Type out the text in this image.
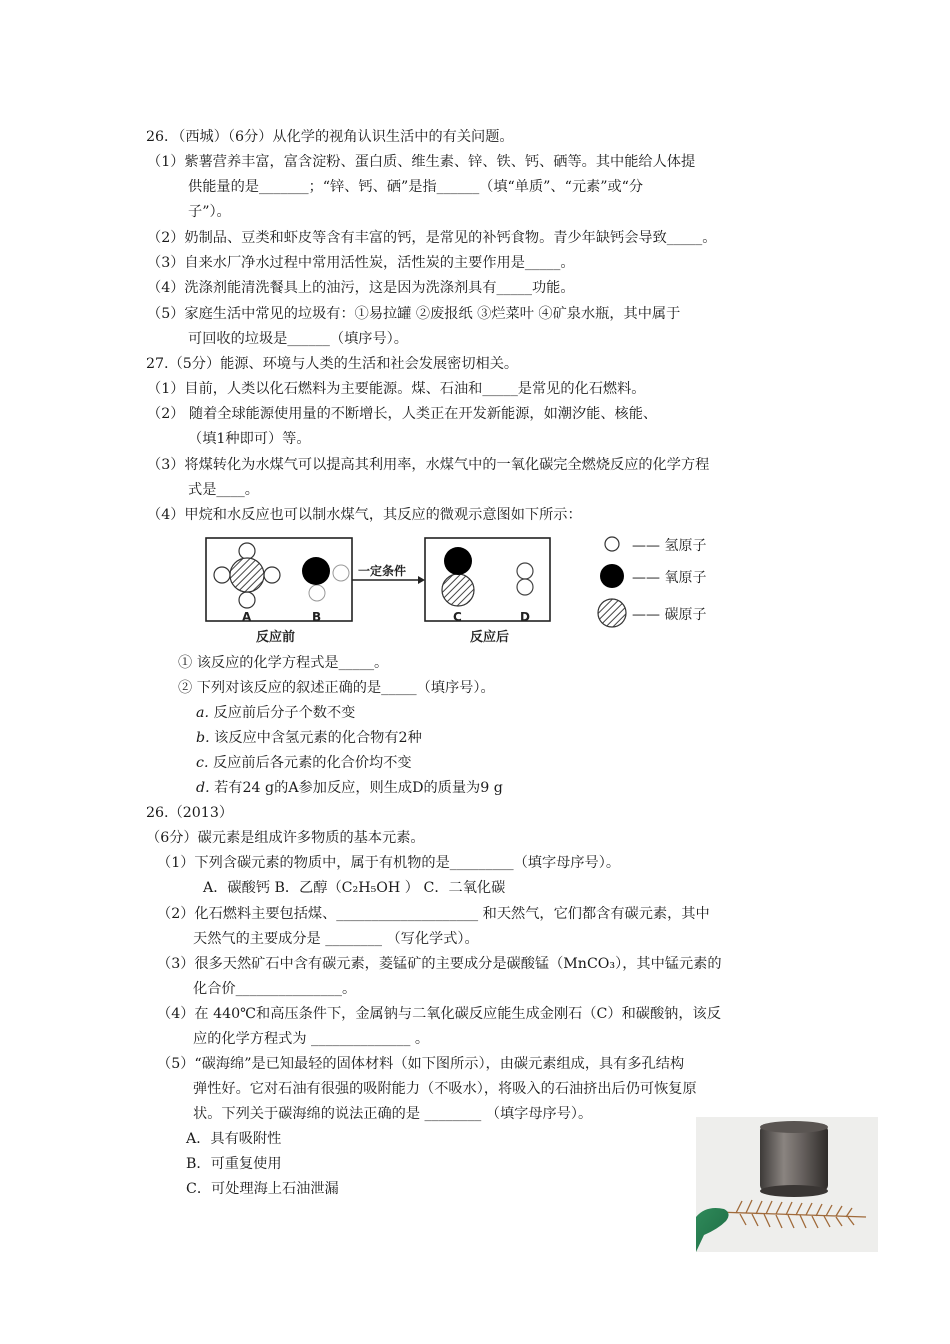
26．（西城）（6分）从化学的视角认识生活中的有关问题。
（1）紫薯营养丰富，富含淀粉、蛋白质、维生素、锌、铁、钙、硒等。其中能给人体提
供能量的是_______；“锌、钙、硒”是指______（填“单质”、“元素”或“分
子”）。
（2）奶制品、豆类和虾皮等含有丰富的钙，是常见的补钙食物。青少年缺钙会导致_____。
（3）自来水厂净水过程中常用活性炭，活性炭的主要作用是_____。
（4）洗涤剂能清洗餐具上的油污，这是因为洗涤剂具有_____功能。
（5）家庭生活中常见的垃圾有：①易拉罐 ②废报纸 ③烂菜叶 ④矿泉水瓶，其中属于
可回收的垃圾是______（填序号）。
27.（5分）能源、环境与人类的生活和社会发展密切相关。
（1）目前，人类以化石燃料为主要能源。煤、石油和_____是常见的化石燃料。
（2） 随着全球能源使用量的不断增长，人类正在开发新能源，如潮汐能、核能、
（填1种即可）等。
（3）将煤转化为水煤气可以提高其利用率，水煤气中的一氧化碳完全燃烧反应的化学方程
式是____。
（4）甲烷和水反应也可以制水煤气，其反应的微观示意图如下所示：
A	B	C	D
一定条件
反应前	反应后
—— 氢原子
—— 氧原子
—— 碳原子
① 该反应的化学方程式是_____。
② 下列对该反应的叙述正确的是_____（填序号）。
a. 反应前后分子个数不变
b. 该反应中含氢元素的化合物有2种
c. 反应前后各元素的化合价均不变
d. 若有24 g的A参加反应，则生成D的质量为9 g
26.（2013）
（6分）碳元素是组成许多物质的基本元素。
（1）下列含碳元素的物质中，属于有机物的是_________（填字母序号）。
A．碳酸钙 B．乙醇（C₂H₅OH ） C．二氧化碳
（2）化石燃料主要包括煤、____________________ 和天然气，它们都含有碳元素，其中
天然气的主要成分是 ________ （写化学式）。
（3）很多天然矿石中含有碳元素，菱锰矿的主要成分是碳酸锰（MnCO₃），其中锰元素的
化合价_______________。
（4）在 440℃和高压条件下，金属钠与二氧化碳反应能生成金刚石（C）和碳酸钠，该反
应的化学方程式为 ______________ 。
（5）“碳海绵”是已知最轻的固体材料（如下图所示），由碳元素组成，具有多孔结构
弹性好。它对石油有很强的吸附能力（不吸水），将吸入的石油挤出后仍可恢复原
状。下列关于碳海绵的说法正确的是 ________ （填字母序号）。
A．具有吸附性
B．可重复使用
C．可处理海上石油泄漏
